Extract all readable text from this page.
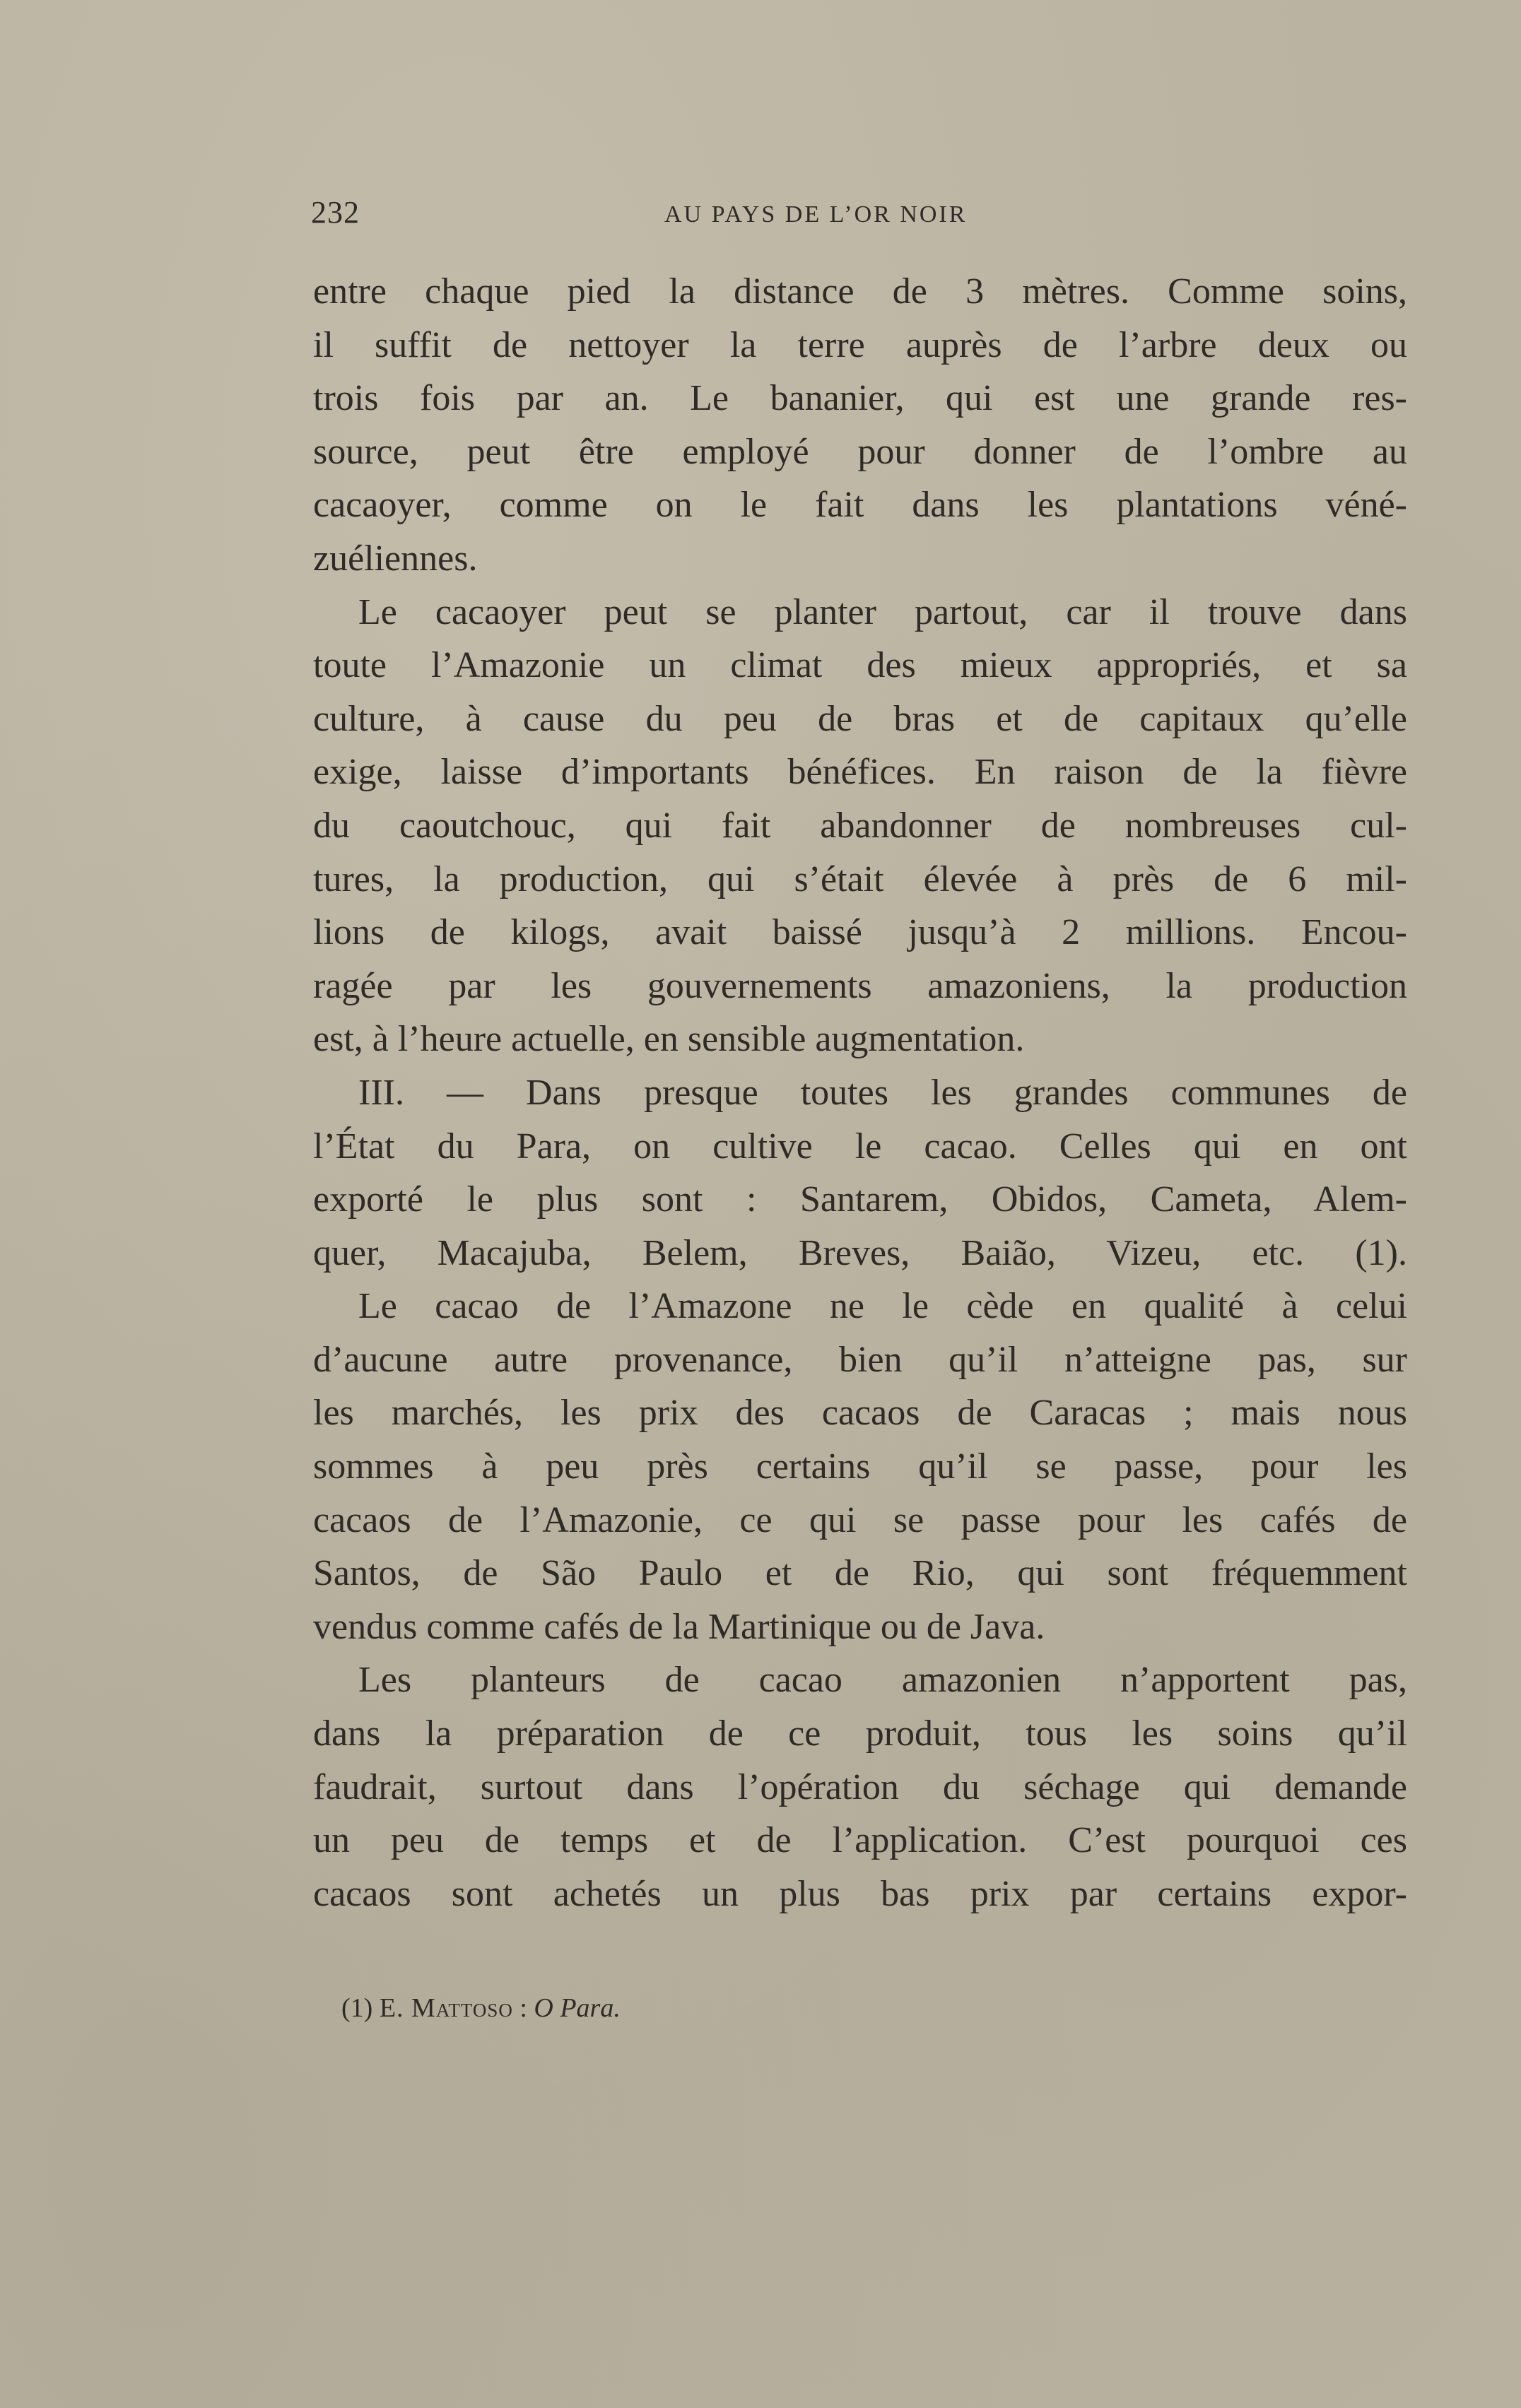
232	AU PAYS DE L’OR NOIR
entre chaque pied la distance de 3 mètres. Comme soins,
il suffit de nettoyer la terre auprès de l’arbre deux ou
trois fois par an. Le bananier, qui est une grande res-
source, peut être employé pour donner de l’ombre au
cacaoyer, comme on le fait dans les plantations véné-
zuéliennes.
Le cacaoyer peut se planter partout, car il trouve dans
toute l’Amazonie un climat des mieux appropriés, et sa
culture, à cause du peu de bras et de capitaux qu’elle
exige, laisse d’importants bénéfices. En raison de la fièvre
du caoutchouc, qui fait abandonner de nombreuses cul-
tures, la production, qui s’était élevée à près de 6 mil-
lions de kilogs, avait baissé jusqu’à 2 millions. Encou-
ragée par les gouvernements amazoniens, la production
est, à l’heure actuelle, en sensible augmentation.
III. — Dans presque toutes les grandes communes de
l’État du Para, on cultive le cacao. Celles qui en ont
exporté le plus sont : Santarem, Obidos, Cameta, Alem-
quer, Macajuba, Belem, Breves, Baião, Vizeu, etc. (1).
Le cacao de l’Amazone ne le cède en qualité à celui
d’aucune autre provenance, bien qu’il n’atteigne pas, sur
les marchés, les prix des cacaos de Caracas ; mais nous
sommes à peu près certains qu’il se passe, pour les
cacaos de l’Amazonie, ce qui se passe pour les cafés de
Santos, de São Paulo et de Rio, qui sont fréquemment
vendus comme cafés de la Martinique ou de Java.
Les planteurs de cacao amazonien n’apportent pas,
dans la préparation de ce produit, tous les soins qu’il
faudrait, surtout dans l’opération du séchage qui demande
un peu de temps et de l’application. C’est pourquoi ces
cacaos sont achetés un plus bas prix par certains expor-
(1) E. Mattoso : O Para.
